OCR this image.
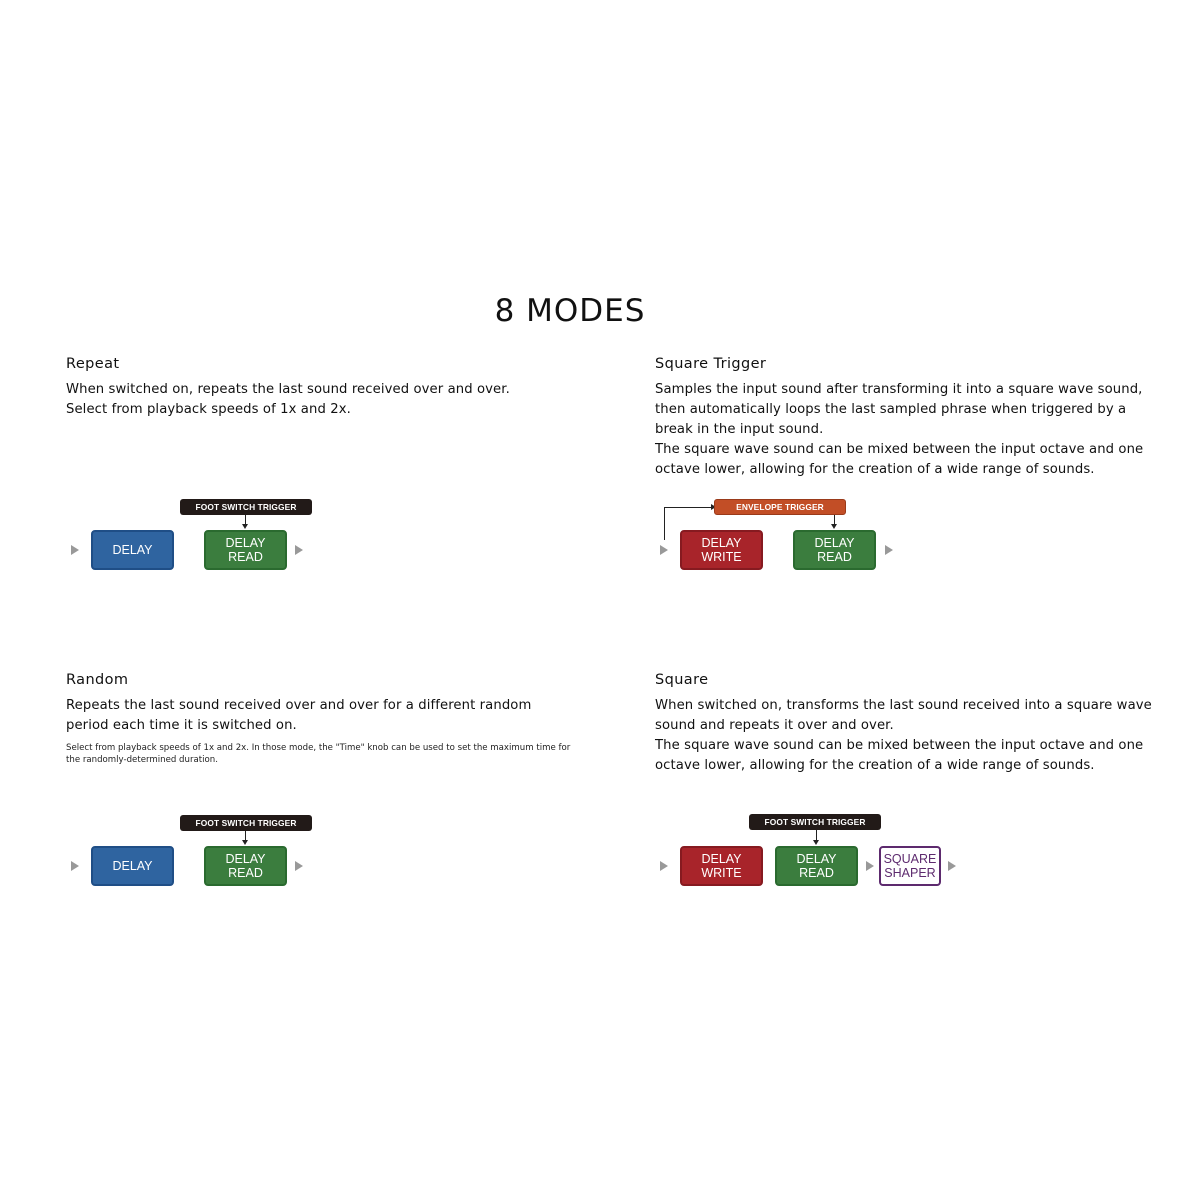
8 MODES
Repeat

When switched on, repeats the last sound received over and over.

Select from playback speeds of 1x and 2x.

FOOT SWITCH TRIGGER
DELAY	DELAY
READ
Square Trigger

Samples the input sound after transforming it into a square wave sound, then automatically loops the last sampled phrase when triggered by a break in the input sound.

The square wave sound can be mixed between the input octave and one octave lower, allowing for the creation of a wide range of sounds.

ENVELOPE TRIGGER
DELAY
WRITE
DELAY
READ
Random

Repeats the last sound received over and over for a different random period each time it is switched on.

Select from playback speeds of 1x and 2x. In those mode, the "Time" knob can be used to set the maximum time for the randomly-determined duration.
FOOT SWITCH TRIGGER
DELAY	DELAY
READ
Square

When switched on, transforms the last sound received into a square wave sound and repeats it over and over.

The square wave sound can be mixed between the input octave and one octave lower, allowing for the creation of a wide range of sounds.

FOOT SWITCH TRIGGER
DELAY
WRITE
DELAY
READ
SQUARE
SHAPER
